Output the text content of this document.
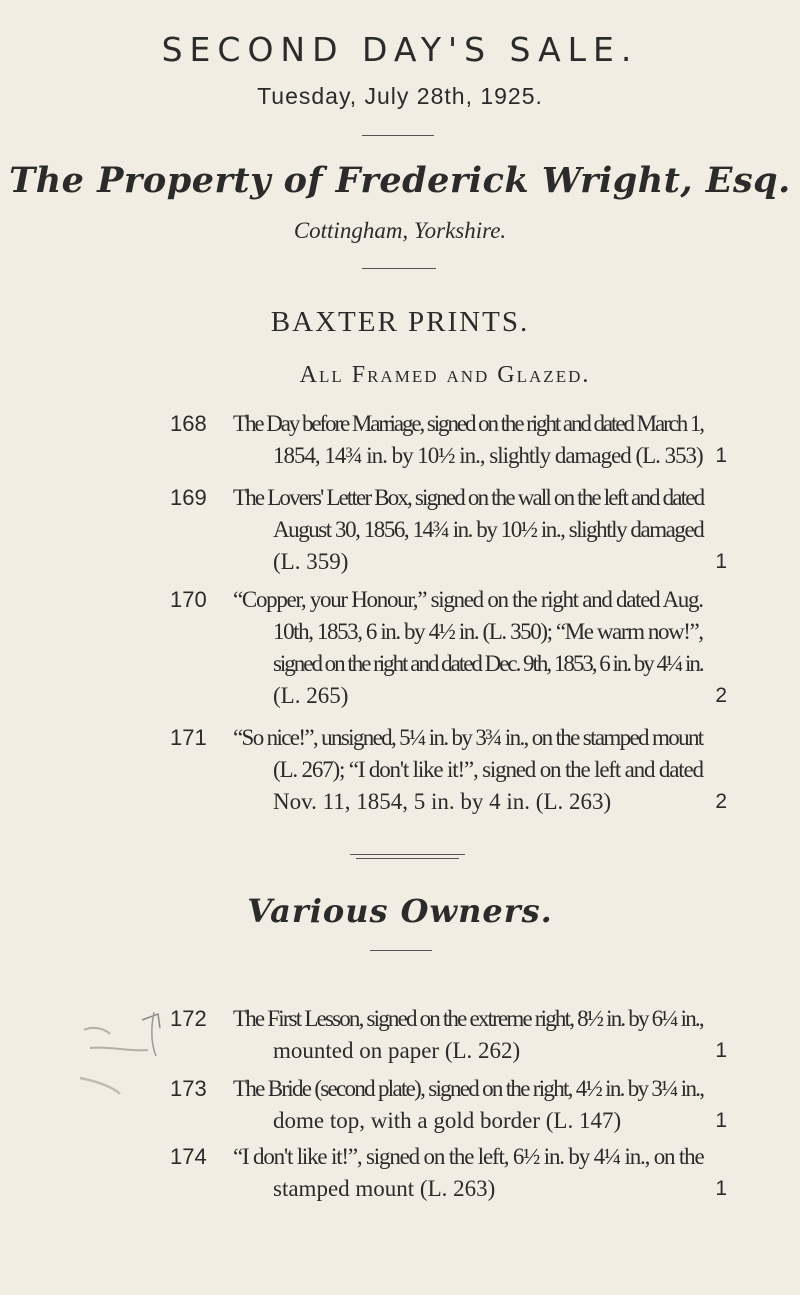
SECOND DAY'S SALE.
Tuesday, July 28th, 1925.
The Property of Frederick Wright, Esq.
Cottingham, Yorkshire.
BAXTER PRINTS.
All Framed and Glazed.
168 The Day before Marriage, signed on the right and dated March 1,
1854, 14¾ in. by 10½ in., slightly damaged (L. 353) 1
169 The Lovers' Letter Box, signed on the wall on the left and dated
August 30, 1856, 14¾ in. by 10½ in., slightly damaged
(L. 359)	1
170 “Copper, your Honour,” signed on the right and dated Aug.
10th, 1853, 6 in. by 4½ in. (L. 350); “Me warm now!”,
signed on the right and dated Dec. 9th, 1853, 6 in. by 4¼ in.
(L. 265)	2
171 “So nice!”, unsigned, 5¼ in. by 3¾ in., on the stamped mount
(L. 267); “I don't like it!”, signed on the left and dated
Nov. 11, 1854, 5 in. by 4 in. (L. 263)	2
Various Owners.
172 The First Lesson, signed on the extreme right, 8½ in. by 6¼ in.,
mounted on paper (L. 262)	1
173 The Bride (second plate), signed on the right, 4½ in. by 3¼ in.,
dome top, with a gold border (L. 147)	1
174 “I don't like it!”, signed on the left, 6½ in. by 4¼ in., on the
stamped mount (L. 263)	1
